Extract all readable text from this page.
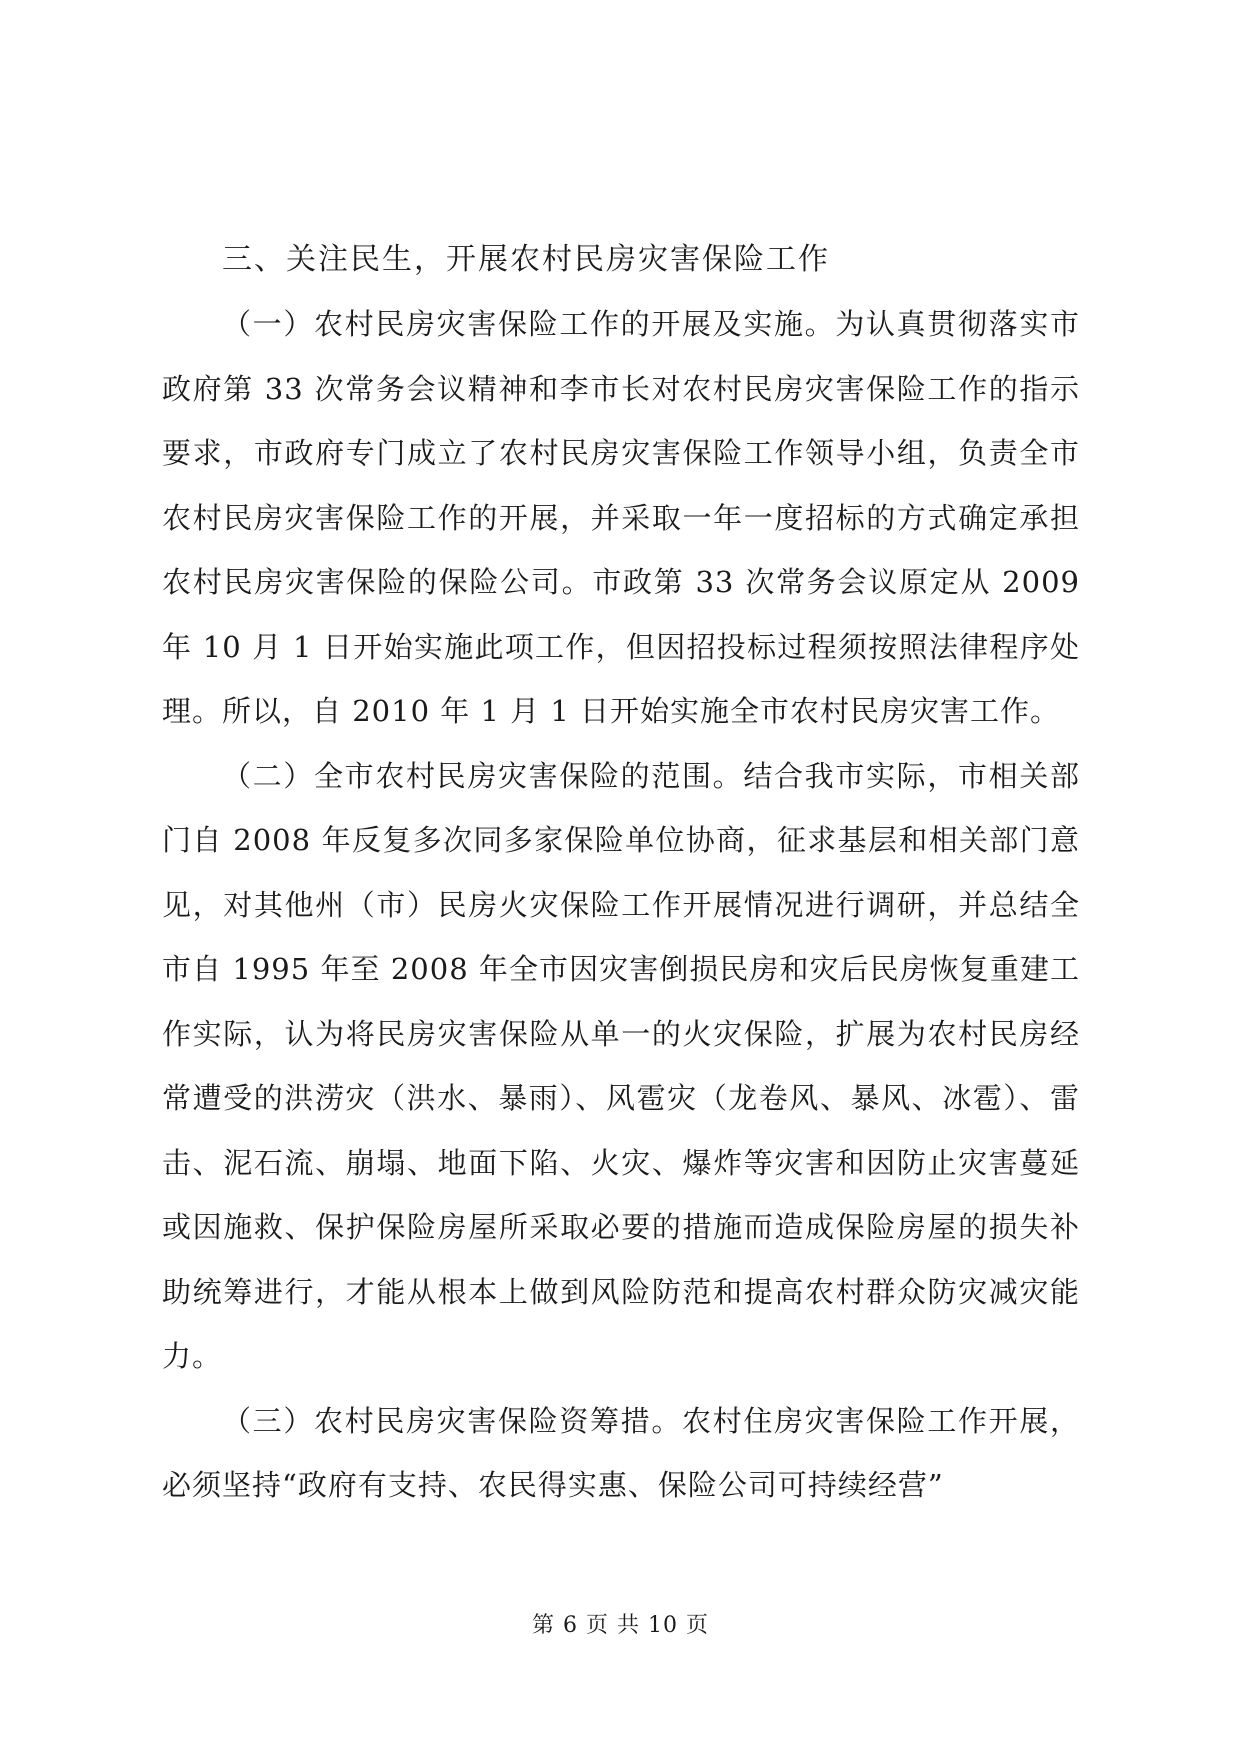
三、关注民生，开展农村民房灾害保险工作

（一）农村民房灾害保险工作的开展及实施。为认真贯彻落实市政府第 33 次常务会议精神和李市长对农村民房灾害保险工作的指示要求，市政府专门成立了农村民房灾害保险工作领导小组，负责全市农村民房灾害保险工作的开展，并采取一年一度招标的方式确定承担农村民房灾害保险的保险公司。市政第 33 次常务会议原定从 2009 年 10 月 1 日开始实施此项工作，但因招投标过程须按照法律程序处理。所以，自 2010 年 1 月 1 日开始实施全市农村民房灾害工作。

（二）全市农村民房灾害保险的范围。结合我市实际，市相关部门自 2008 年反复多次同多家保险单位协商，征求基层和相关部门意见，对其他州（市）民房火灾保险工作开展情况进行调研，并总结全市自 1995 年至 2008 年全市因灾害倒损民房和灾后民房恢复重建工作实际，认为将民房灾害保险从单一的火灾保险，扩展为农村民房经常遭受的洪涝灾（洪水、暴雨）、风雹灾（龙卷风、暴风、冰雹）、雷击、泥石流、崩塌、地面下陷、火灾、爆炸等灾害和因防止灾害蔓延或因施救、保护保险房屋所采取必要的措施而造成保险房屋的损失补助统筹进行，才能从根本上做到风险防范和提高农村群众防灾减灾能力。

（三）农村民房灾害保险资筹措。农村住房灾害保险工作开展，必须坚持“政府有支持、农民得实惠、保险公司可持续经营”

第 6 页 共 10 页
